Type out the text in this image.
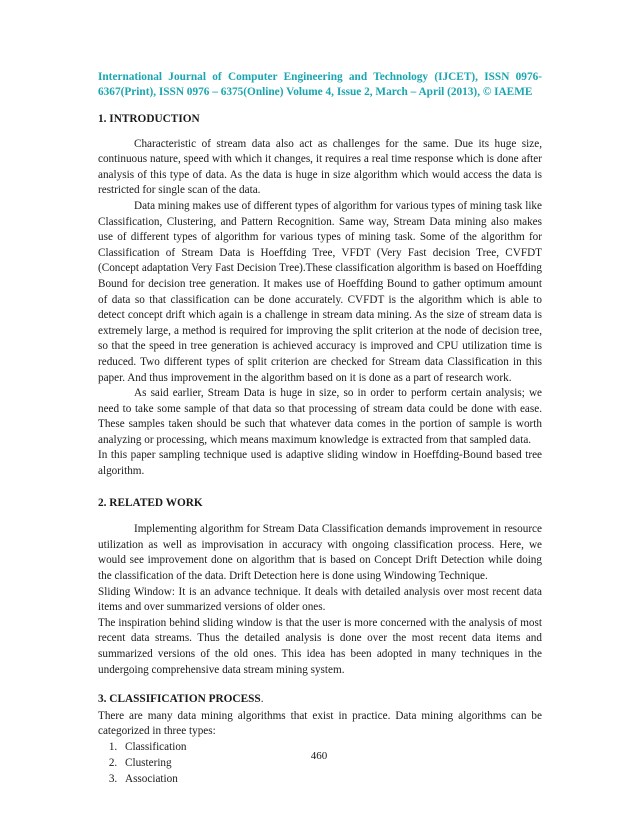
International Journal of Computer Engineering and Technology (IJCET), ISSN 0976-6367(Print), ISSN 0976 – 6375(Online) Volume 4, Issue 2, March – April (2013), © IAEME
1. INTRODUCTION

Characteristic of stream data also act as challenges for the same. Due its huge size, continuous nature, speed with which it changes, it requires a real time response which is done after analysis of this type of data. As the data is huge in size algorithm which would access the data is restricted for single scan of the data.

Data mining makes use of different types of algorithm for various types of mining task like Classification, Clustering, and Pattern Recognition. Same way, Stream Data mining also makes use of different types of algorithm for various types of mining task. Some of the algorithm for Classification of Stream Data is Hoeffding Tree, VFDT (Very Fast decision Tree, CVFDT (Concept adaptation Very Fast Decision Tree).These classification algorithm is based on Hoeffding Bound for decision tree generation. It makes use of Hoeffding Bound to gather optimum amount of data so that classification can be done accurately. CVFDT is the algorithm which is able to detect concept drift which again is a challenge in stream data mining. As the size of stream data is extremely large, a method is required for improving the split criterion at the node of decision tree, so that the speed in tree generation is achieved accuracy is improved and CPU utilization time is reduced. Two different types of split criterion are checked for Stream data Classification in this paper. And thus improvement in the algorithm based on it is done as a part of research work.

As said earlier, Stream Data is huge in size, so in order to perform certain analysis; we need to take some sample of that data so that processing of stream data could be done with ease. These samples taken should be such that whatever data comes in the portion of sample is worth analyzing or processing, which means maximum knowledge is extracted from that sampled data.

In this paper sampling technique used is adaptive sliding window in Hoeffding-Bound based tree algorithm.

2. RELATED WORK

Implementing algorithm for Stream Data Classification demands improvement in resource utilization as well as improvisation in accuracy with ongoing classification process. Here, we would see improvement done on algorithm that is based on Concept Drift Detection while doing the classification of the data. Drift Detection here is done using Windowing Technique.

Sliding Window: It is an advance technique. It deals with detailed analysis over most recent data items and over summarized versions of older ones.

The inspiration behind sliding window is that the user is more concerned with the analysis of most recent data streams. Thus the detailed analysis is done over the most recent data items and summarized versions of the old ones. This idea has been adopted in many techniques in the undergoing comprehensive data stream mining system.

3. CLASSIFICATION PROCESS.

There are many data mining algorithms that exist in practice. Data mining algorithms can be categorized in three types:

1. Classification
2. Clustering
3. Association
460
